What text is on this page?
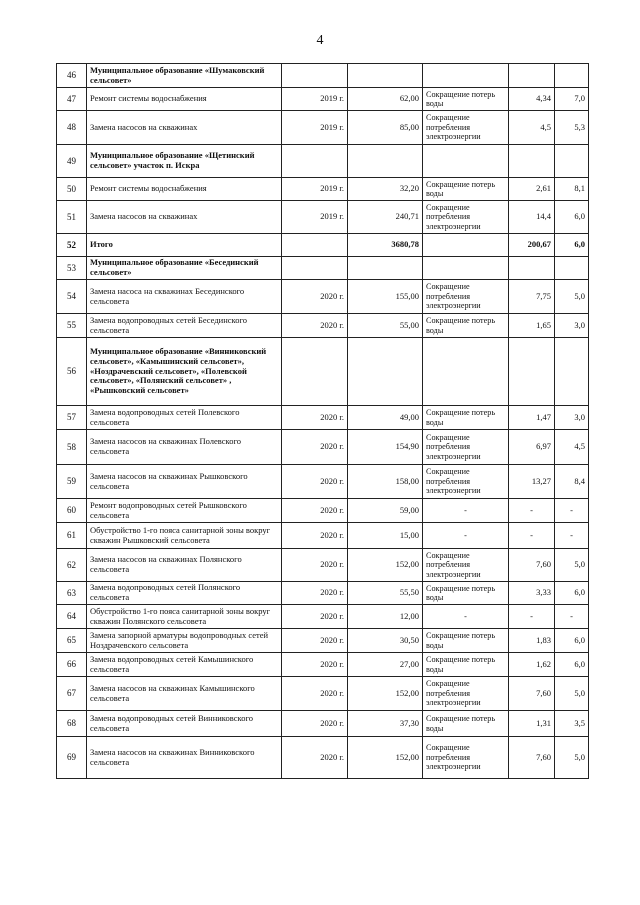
4
46	Муниципальное образование «Шумаковский сельсовет»					
47	Ремонт системы водоснабжения	2019 г.	62,00	Сокращение потерь воды	4,34	7,0
48	Замена насосов на скважинах	2019 г.	85,00	Сокращение потребления электроэнергии	4,5	5,3
49	Муниципальное образование «Щетинский сельсовет» участок п. Искра					
50	Ремонт системы водоснабжения	2019 г.	32,20	Сокращение потерь воды	2,61	8,1
51	Замена насосов на скважинах	2019 г.	240,71	Сокращение потребления электроэнергии	14,4	6,0
52	Итого		3680,78		200,67	6,0
53	Муниципальное образование «Бесединский сельсовет»					
54	Замена насоса на скважинах Бесединского сельсовета	2020 г.	155,00	Сокращение потребления электроэнергии	7,75	5,0
55	Замена водопроводных сетей Бесединского сельсовета	2020 г.	55,00	Сокращение потерь воды	1,65	3,0
56	Муниципальное образование «Винниковский сельсовет», «Камышинский сельсовет», «Ноздрачевский сельсовет», «Полевской сельсовет», «Полянский сельсовет» , «Рышковский сельсовет»					
57	Замена водопроводных сетей Полевского сельсовета	2020 г.	49,00	Сокращение потерь воды	1,47	3,0
58	Замена насосов на скважинах Полевского сельсовета	2020 г.	154,90	Сокращение потребления электроэнергии	6,97	4,5
59	Замена насосов на скважинах Рышковского сельсовета	2020 г.	158,00	Сокращение потребления электроэнергии	13,27	8,4
60	Ремонт водопроводных сетей Рышковского сельсовета	2020 г.	59,00	-	-	-
61	Обустройство 1-го пояса санитарной зоны вокруг скважин Рышковский сельсовета	2020 г.	15,00	-	-	-
62	Замена насосов на скважинах Полянского сельсовета	2020 г.	152,00	Сокращение потребления электроэнергии	7,60	5,0
63	Замена водопроводных сетей Полянского сельсовета	2020 г.	55,50	Сокращение потерь воды	3,33	6,0
64	Обустройство 1-го пояса санитарной зоны вокруг скважин Полянского сельсовета	2020 г.	12,00	-	-	-
65	Замена запорной арматуры водопроводных сетей Ноздрачевского сельсовета	2020 г.	30,50	Сокращение потерь воды	1,83	6,0
66	Замена водопроводных сетей Камышинского сельсовета	2020 г.	27,00	Сокращение потерь воды	1,62	6,0
67	Замена насосов на скважинах Камышинского сельсовета	2020 г.	152,00	Сокращение потребления электроэнергии	7,60	5,0
68	Замена водопроводных сетей Винниковского сельсовета	2020 г.	37,30	Сокращение потерь воды	1,31	3,5
69	Замена насосов на скважинах Винниковского сельсовета	2020 г.	152,00	Сокращение потребления электроэнергии	7,60	5,0
